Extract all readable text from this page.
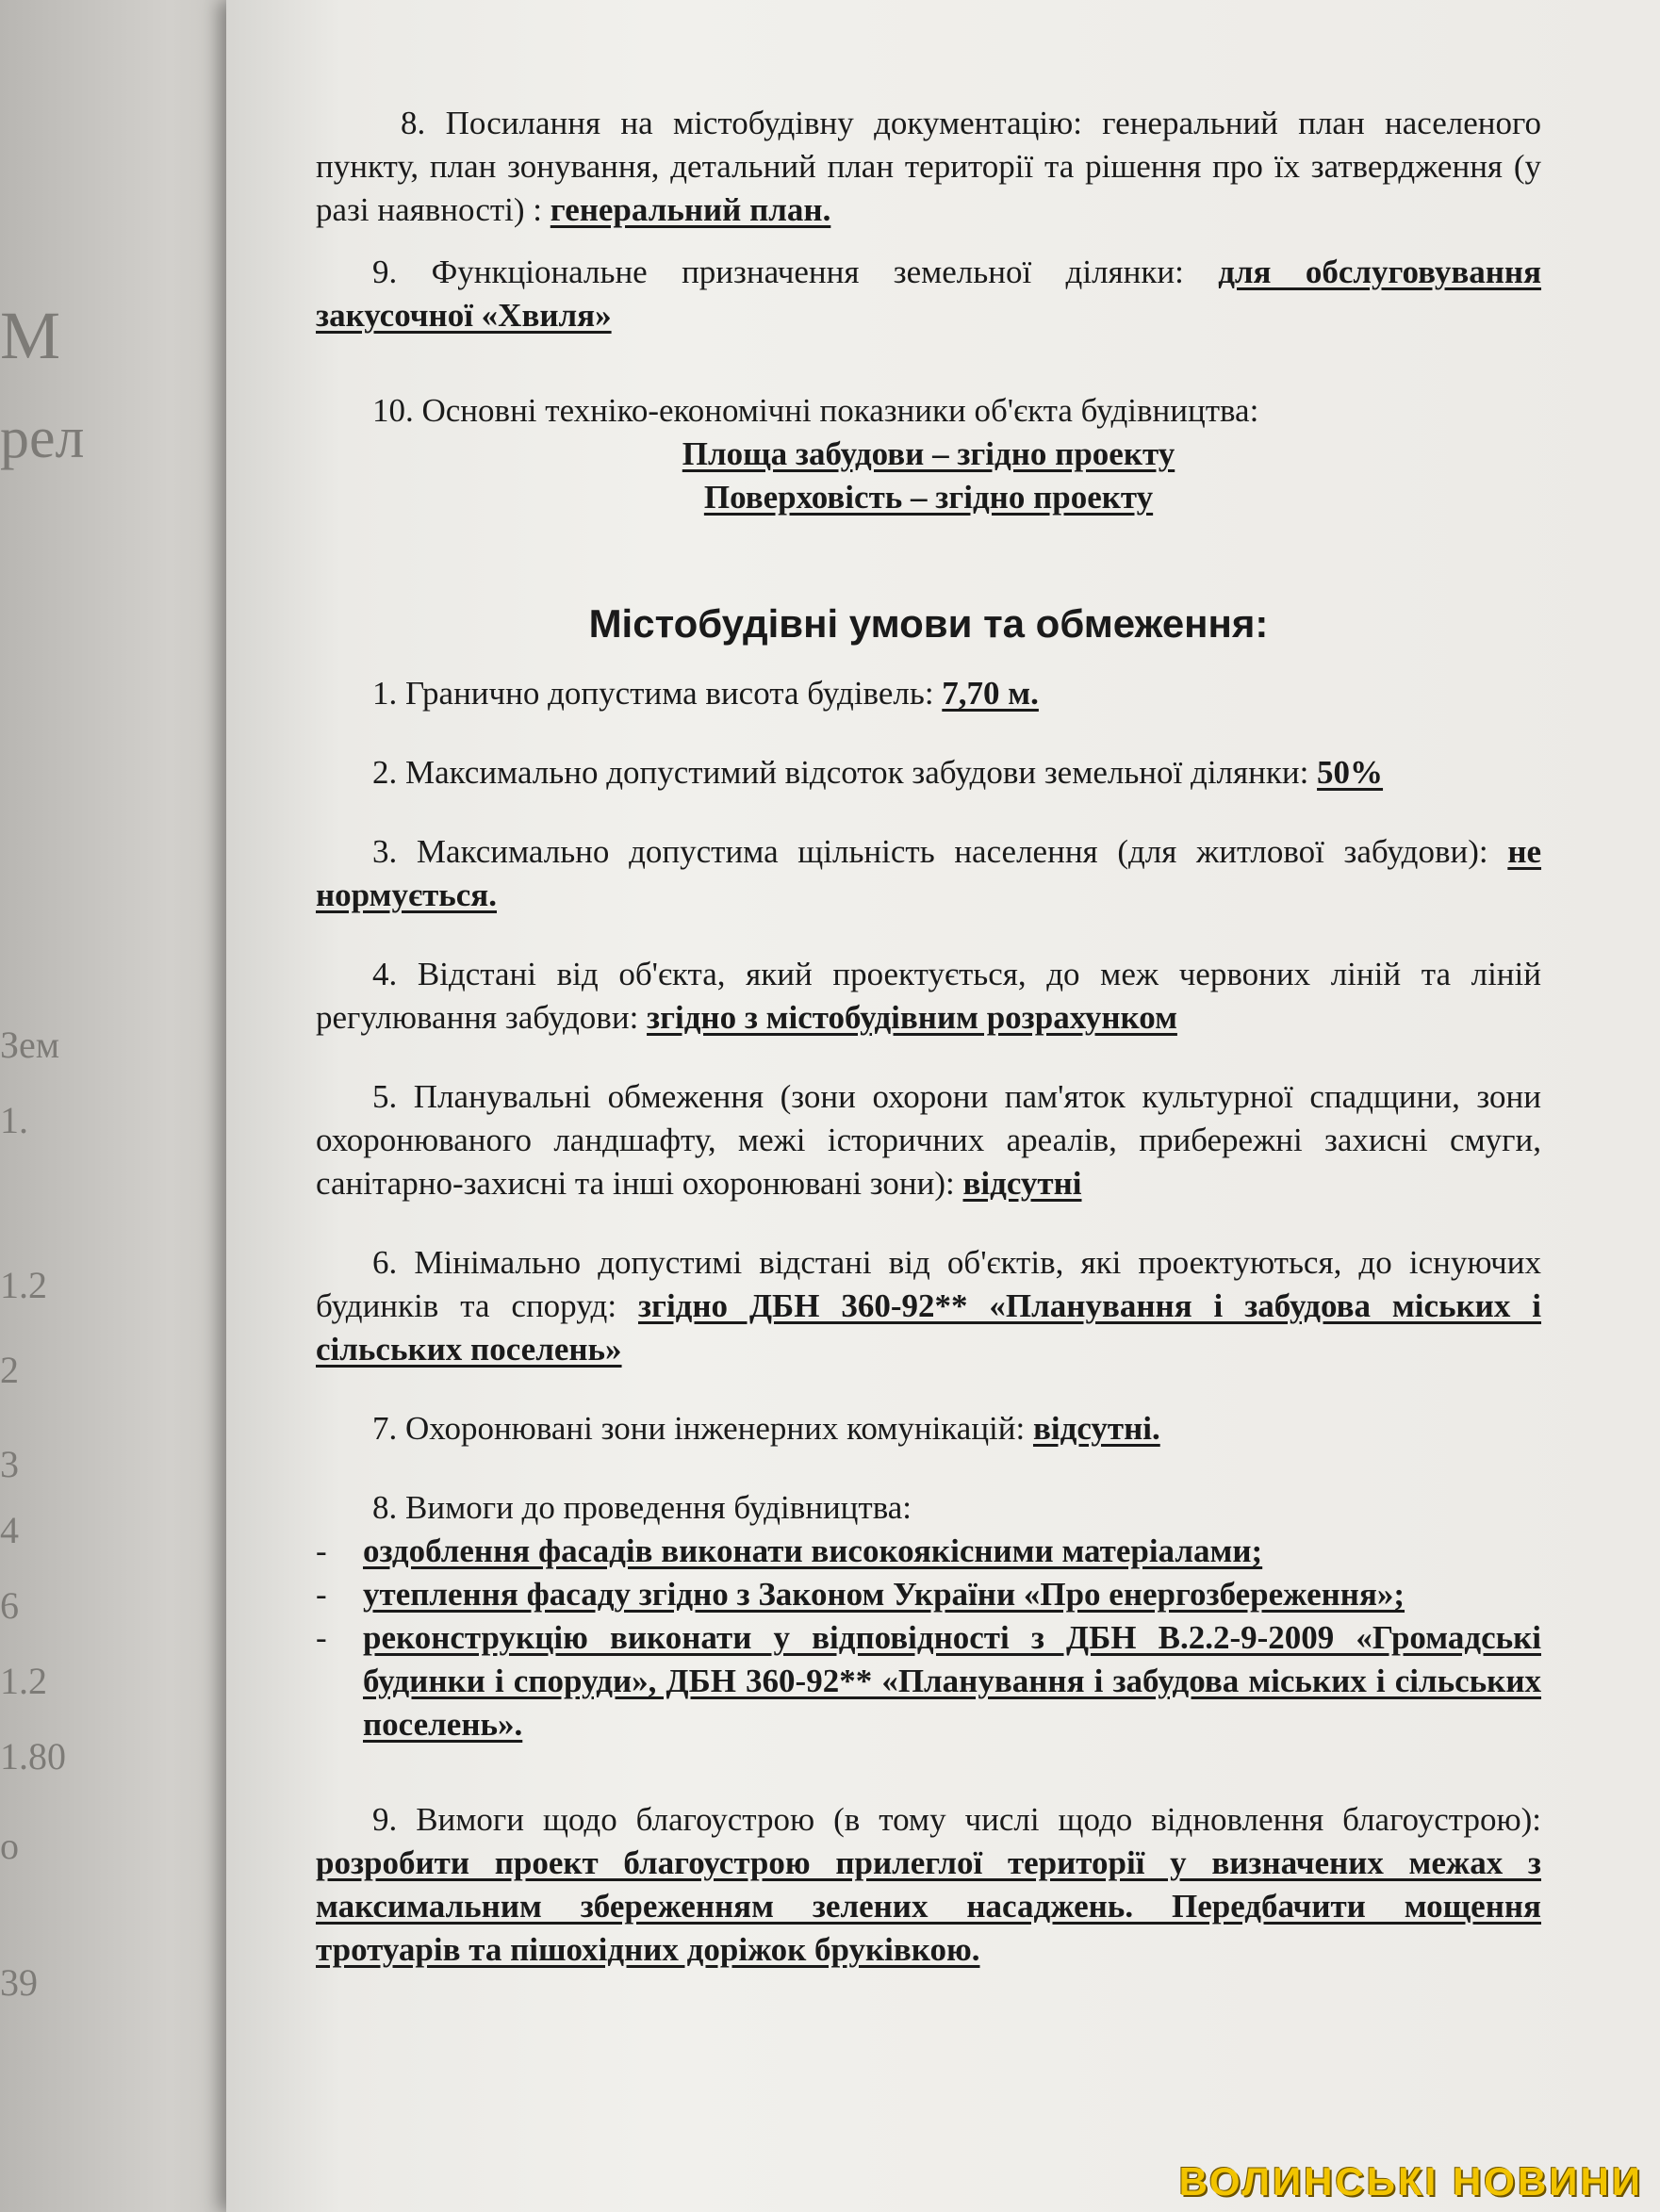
М
рел
Зем
1.
1.2
2
3
4
6
1.2
1.80
о
39

8. Посилання на містобудівну документацію: генеральний план населеного пункту, план зонування, детальний план території та рішення про їх затвердження (у разі наявності) : генеральний план.

9. Функціональне призначення земельної ділянки: для обслуговування закусочної «Хвиля»

10. Основні техніко-економічні показники об'єкта будівництва:

Площа забудови – згідно проекту

Поверховість – згідно проекту

Містобудівні умови та обмеження:

1. Гранично допустима висота будівель: 7,70 м.

2. Максимально допустимий відсоток забудови земельної ділянки: 50%

3. Максимально допустима щільність населення (для житлової забудови): не нормується.

4. Відстані від об'єкта, який проектується, до меж червоних ліній та ліній регулювання забудови: згідно з містобудівним розрахунком

5. Планувальні обмеження (зони охорони пам'яток культурної спадщини, зони охоронюваного ландшафту, межі історичних ареалів, прибережні захисні смуги, санітарно-захисні та інші охоронювані зони): відсутні

6. Мінімально допустимі відстані від об'єктів, які проектуються, до існуючих будинків та споруд: згідно ДБН 360-92** «Планування і забудова міських і сільських поселень»

7. Охоронювані зони інженерних комунікацій: відсутні.

8. Вимоги до проведення будівництва:

-	оздоблення фасадів виконати високоякісними матеріалами;
-	утеплення фасаду згідно з Законом України «Про енергозбереження»;
-	реконструкцію виконати у відповідності з ДБН В.2.2-9-2009 «Громадські будинки і споруди», ДБН 360-92** «Планування і забудова міських і сільських поселень».

9. Вимоги щодо благоустрою (в тому числі щодо відновлення благоустрою): розробити проект благоустрою прилеглої території у визначених межах з максимальним збереженням зелених насаджень. Передбачити мощення тротуарів та пішохідних доріжок бруківкою.

ВОЛИНСЬКІ НОВИНИ
